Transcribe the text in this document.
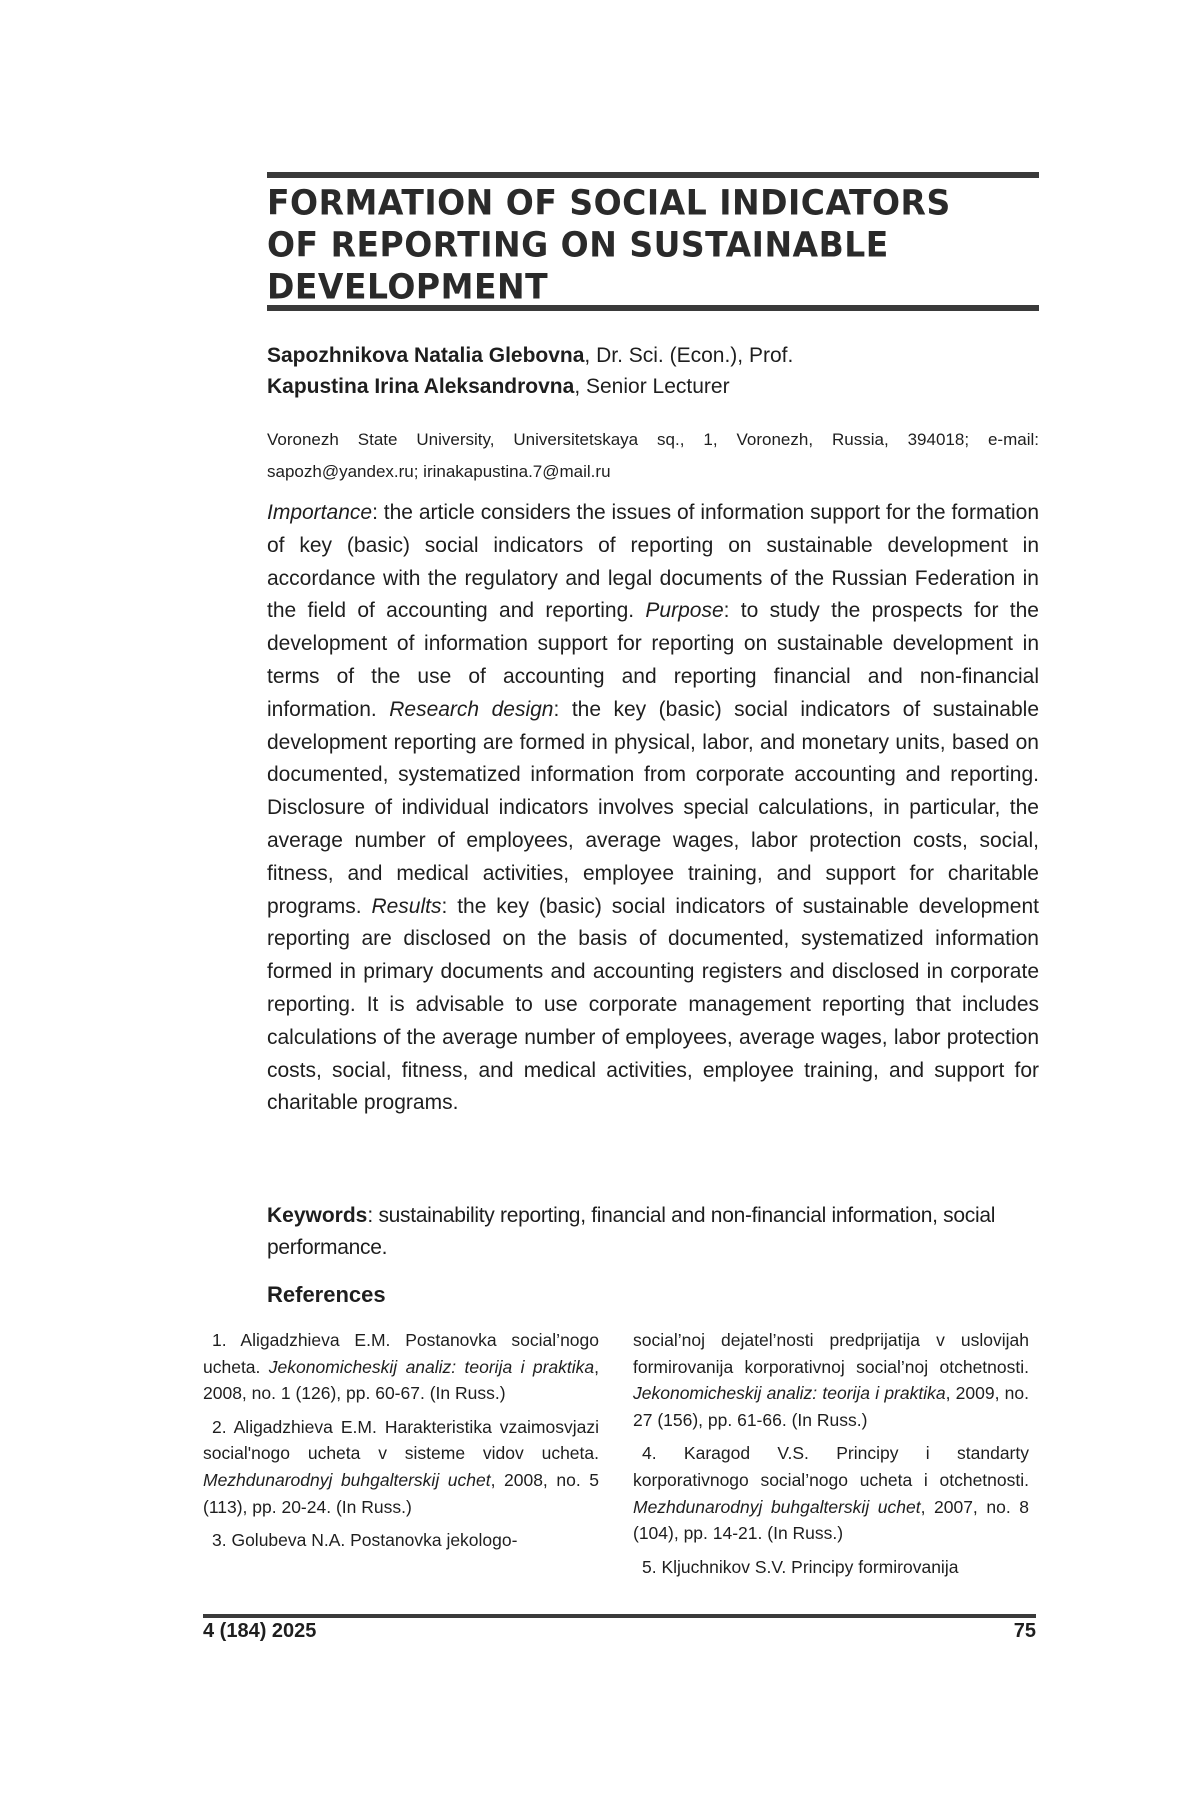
FORMATION OF SOCIAL INDICATORS
OF REPORTING ON SUSTAINABLE
DEVELOPMENT
Sapozhnikova Natalia Glebovna, Dr. Sci. (Econ.), Prof.
Kapustina Irina Aleksandrovna, Senior Lecturer
Voronezh State University, Universitetskaya sq., 1, Voronezh, Russia, 394018; e-mail: sapozh@yandex.ru; irinakapustina.7@mail.ru
Importance: the article considers the issues of information support for the formation of key (basic) social indicators of reporting on sustainable development in accordance with the regulatory and legal documents of the Russian Federation in the field of accounting and reporting. Purpose: to study the prospects for the development of information support for reporting on sustainable development in terms of the use of accounting and reporting financial and non-financial information. Research design: the key (basic) social indicators of sustainable development reporting are formed in physical, labor, and monetary units, based on documented, systematized information from corporate accounting and reporting. Disclosure of individual indicators involves special calculations, in particular, the average number of employees, average wages, labor protection costs, social, fitness, and medical activities, employee training, and support for charitable programs. Results: the key (basic) social indicators of sustainable development reporting are disclosed on the basis of documented, systematized information formed in primary documents and accounting registers and disclosed in corporate reporting. It is advisable to use corporate management reporting that includes calculations of the average number of employees, average wages, labor protection costs, social, fitness, and medical activities, employee training, and support for charitable programs.
Keywords: sustainability reporting, financial and non-financial information, social performance.
References

1. Aligadzhieva E.M. Postanovka social’nogo ucheta. Jekonomicheskij analiz: teorija i praktika, 2008, no. 1 (126), pp. 60-67. (In Russ.)

2. Aligadzhieva E.M. Harakteristika vzaimosvjazi social'nogo ucheta v sisteme vidov ucheta. Mezhdunarodnyj buhgalterskij uchet, 2008, no. 5 (113), pp. 20-24. (In Russ.)

3. Golubeva N.A. Postanovka jekologo-

social’noj dejatel’nosti predprijatija v uslovijah formirovanija korporativnoj social’noj otchetnosti. Jekonomicheskij analiz: teorija i praktika, 2009, no. 27 (156), pp. 61-66. (In Russ.)

4. Karagod V.S. Principy i standarty korporativnogo social’nogo ucheta i otchetnosti. Mezhdunarodnyj buhgalterskij uchet, 2007, no. 8 (104), pp. 14-21. (In Russ.)

5. Kljuchnikov S.V. Principy formirovanija

4 (184) 2025	75
